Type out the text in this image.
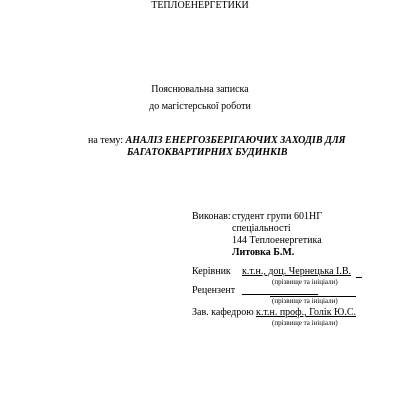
ТЕПЛОЕНЕРГЕТИКИ
Пояснювальна записка
до магістерської роботи
на тему: АНАЛІЗ ЕНЕРГОЗБЕРІГАЮЧИХ ЗАХОДІВ ДЛЯ
БАГАТОКВАРТИРНИХ БУДИНКІВ
Виконав: студент групи 601НГ
спеціальності
144 Теплоенергетика
Литовка Б.М.
Керівник к.т.н., доц. Чернецька І.В.
(прізвище та ініціали)
Рецензент
(прізвище та ініціали)
Зав. кафедрою к.т.н. проф., Голік Ю.С.
(прізвище та ініціали)
